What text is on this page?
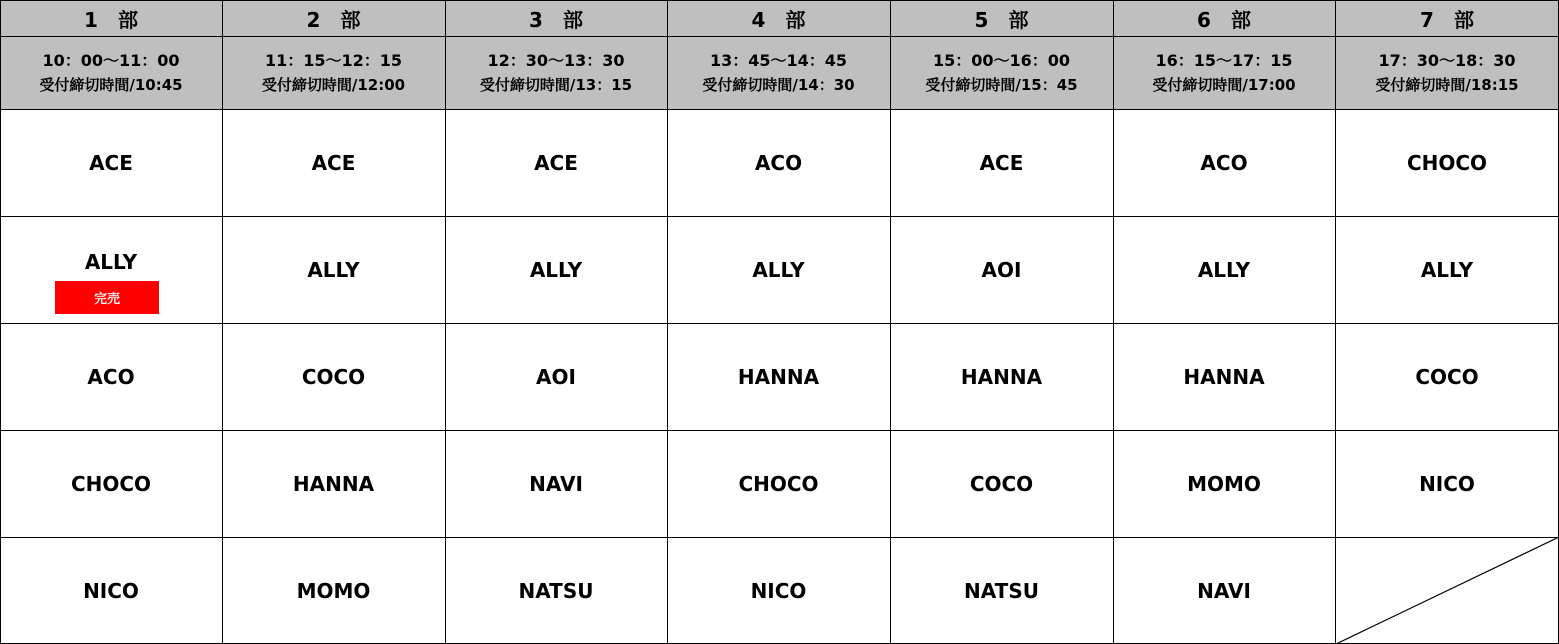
1　部
10：00〜11：00
受付締切時間/10:45
ACE
ALLY
ACO
CHOCO
NICO
2　部
11：15〜12：15
受付締切時間/12:00
ACE
ALLY
COCO
HANNA
MOMO
3　部
12：30〜13：30
受付締切時間/13：15
ACE
ALLY
AOI
NAVI
NATSU
4　部
13：45〜14：45
受付締切時間/14：30
ACO
ALLY
HANNA
CHOCO
NICO
5　部
15：00〜16：00
受付締切時間/15：45
ACE
AOI
HANNA
COCO
NATSU
6　部
16：15〜17：15
受付締切時間/17:00
ACO
ALLY
HANNA
MOMO
NAVI
7　部
17：30〜18：30
受付締切時間/18:15
CHOCO
ALLY
COCO
NICO
完売
